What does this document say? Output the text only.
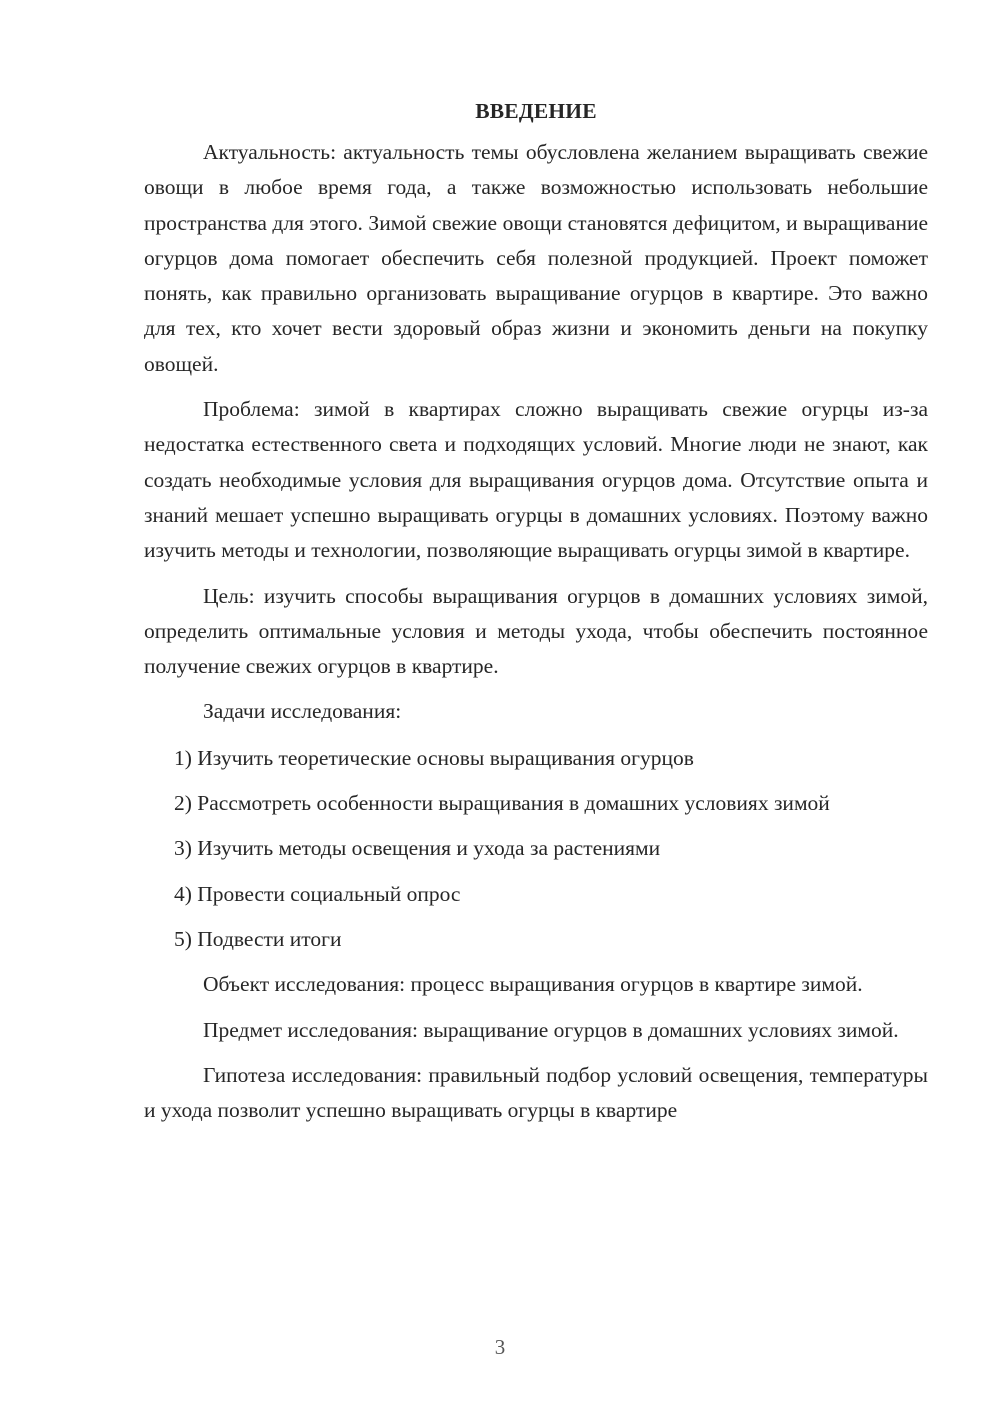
ВВЕДЕНИЕ

Актуальность: актуальность темы обусловлена желанием выращивать свежие овощи в любое время года, а также возможностью использовать небольшие пространства для этого. Зимой свежие овощи становятся дефицитом, и выращивание огурцов дома помогает обеспечить себя полезной продукцией. Проект поможет понять, как правильно организовать выращивание огурцов в квартире. Это важно для тех, кто хочет вести здоровый образ жизни и экономить деньги на покупку овощей.

Проблема: зимой в квартирах сложно выращивать свежие огурцы из-за недостатка естественного света и подходящих условий. Многие люди не знают, как создать необходимые условия для выращивания огурцов дома. Отсутствие опыта и знаний мешает успешно выращивать огурцы в домашних условиях. Поэтому важно изучить методы и технологии, позволяющие выращивать огурцы зимой в квартире.

Цель: изучить способы выращивания огурцов в домашних условиях зимой, определить оптимальные условия и методы ухода, чтобы обеспечить постоянное получение свежих огурцов в квартире.

Задачи исследования:

1) Изучить теоретические основы выращивания огурцов

2) Рассмотреть особенности выращивания в домашних условиях зимой

3) Изучить методы освещения и ухода за растениями

4) Провести социальный опрос

5) Подвести итоги

Объект исследования: процесс выращивания огурцов в квартире зимой.

Предмет исследования: выращивание огурцов в домашних условиях зимой.

Гипотеза исследования: правильный подбор условий освещения, температуры и ухода позволит успешно выращивать огурцы в квартире

3
